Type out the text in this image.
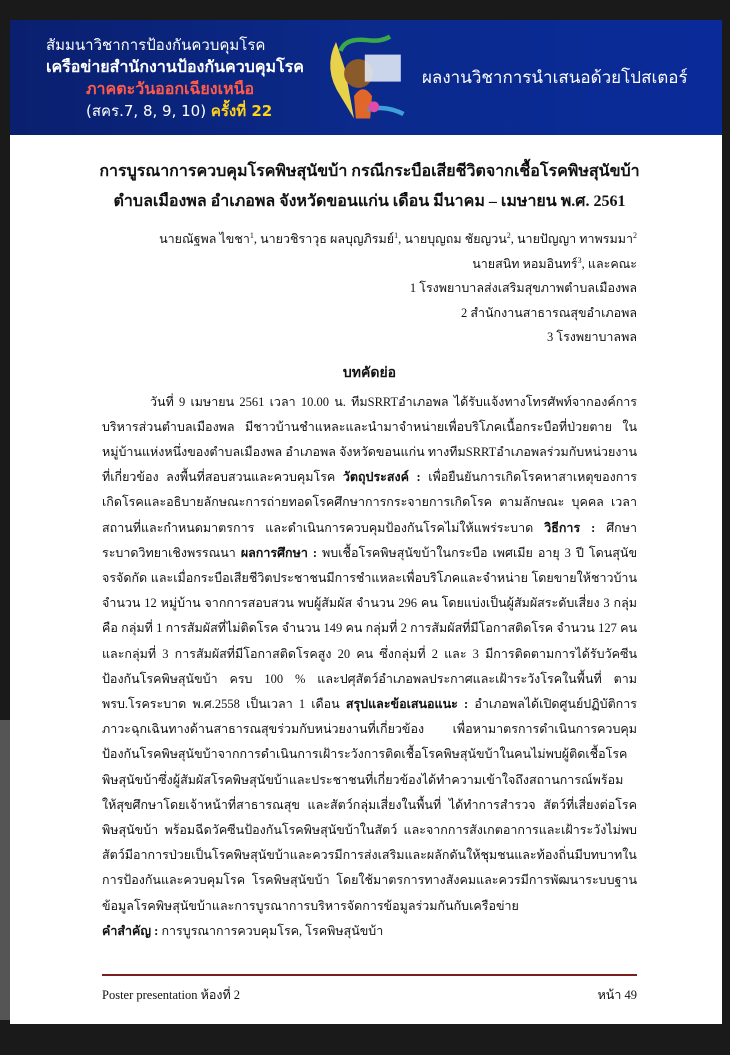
สัมมนาวิชาการป้องกันควบคุมโรค
เครือข่ายสำนักงานป้องกันควบคุมโรค
ภาคตะวันออกเฉียงเหนือ
(สคร.7, 8, 9, 10) ครั้งที่ 22
ผลงานวิชาการนำเสนอด้วยโปสเตอร์
การบูรณาการควบคุมโรคพิษสุนัขบ้า กรณีกระบือเสียชีวิตจากเชื้อโรคพิษสุนัขบ้า
ตำบลเมืองพล อำเภอพล จังหวัดขอนแก่น เดือน มีนาคม – เมษายน พ.ศ. 2561
นายณัฐพล ไขชา$^1$, นายวชิราวุธ ผลบุญภิรมย์$^1$, นายบุญถม ชัยญวน$^2$, นายปัญญา ทาพรมมา$^2$
นายสนิท หอมอินทร์$^3$, และคณะ
1 โรงพยาบาลส่งเสริมสุขภาพตำบลเมืองพล
2 สำนักงานสาธารณสุขอำเภอพล
3 โรงพยาบาลพล
บทคัดย่อ

วันที่ 9 เมษายน 2561 เวลา 10.00 น. ทีมSRRTอำเภอพล ได้รับแจ้งทางโทรศัพท์จากองค์การบริหารส่วนตำบลเมืองพล มีชาวบ้านชำแหละและนำมาจำหน่ายเพื่อบริโภคเนื้อกระบือที่ป่วยตาย ในหมู่บ้านแห่งหนึ่งของตำบลเมืองพล อำเภอพล จังหวัดขอนแก่น ทางทีมSRRTอำเภอพลร่วมกับหน่วยงานที่เกี่ยวข้อง ลงพื้นที่สอบสวนและควบคุมโรค วัตถุประสงค์ : เพื่อยืนยันการเกิดโรคหาสาเหตุของการเกิดโรคและอธิบายลักษณะการถ่ายทอดโรคศึกษาการกระจายการเกิดโรค ตามลักษณะ บุคคล เวลา สถานที่และกำหนดมาตรการ และดำเนินการควบคุมป้องกันโรคไม่ให้แพร่ระบาด วิธีการ : ศึกษาระบาดวิทยาเชิงพรรณนา ผลการศึกษา : พบเชื้อโรคพิษสุนัขบ้าในกระบือ เพศเมีย อายุ 3 ปี โดนสุนัขจรจัดกัด และเมื่อกระบือเสียชีวิตประชาชนมีการชำแหละเพื่อบริโภคและจำหน่าย โดยขายให้ชาวบ้าน จำนวน 12 หมู่บ้าน จากการสอบสวน พบผู้สัมผัส จำนวน 296 คน โดยแบ่งเป็นผู้สัมผัสระดับเสี่ยง 3 กลุ่ม คือ กลุ่มที่ 1 การสัมผัสที่ไม่ติดโรค จำนวน 149 คน กลุ่มที่ 2 การสัมผัสที่มีโอกาสติดโรค จำนวน 127 คน และกลุ่มที่ 3 การสัมผัสที่มีโอกาสติดโรคสูง 20 คน ซึ่งกลุ่มที่ 2 และ 3 มีการติดตามการได้รับวัคซีนป้องกันโรคพิษสุนัขบ้า ครบ 100 % และปศุสัตว์อำเภอพลประกาศและเฝ้าระวังโรคในพื้นที่ ตาม พรบ.โรคระบาด พ.ศ.2558 เป็นเวลา 1 เดือน สรุปและข้อเสนอแนะ : อำเภอพลได้เปิดศูนย์ปฏิบัติการภาวะฉุกเฉินทางด้านสาธารณสุขร่วมกับหน่วยงานที่เกี่ยวข้อง เพื่อหามาตรการดำเนินการควบคุมป้องกันโรคพิษสุนัขบ้าจากการดำเนินการเฝ้าระวังการติดเชื้อโรคพิษสุนัขบ้าในคนไม่พบผู้ติดเชื้อโรคพิษสุนัขบ้าซึ่งผู้สัมผัสโรคพิษสุนัขบ้าและประชาชนที่เกี่ยวข้องได้ทำความเข้าใจถึงสถานการณ์พร้อมให้สุขศึกษาโดยเจ้าหน้าที่สาธารณสุข และสัตว์กลุ่มเสี่ยงในพื้นที่ ได้ทำการสำรวจ สัตว์ที่เสี่ยงต่อโรคพิษสุนัขบ้า พร้อมฉีดวัคซีนป้องกันโรคพิษสุนัขบ้าในสัตว์ และจากการสังเกตอาการและเฝ้าระวังไม่พบสัตว์มีอาการป่วยเป็นโรคพิษสุนัขบ้าและควรมีการส่งเสริมและผลักดันให้ชุมชนและท้องถิ่นมีบทบาทในการป้องกันและควบคุมโรค โรคพิษสุนัขบ้า โดยใช้มาตรการทางสังคมและควรมีการพัฒนาระบบฐานข้อมูลโรคพิษสุนัขบ้าและการบูรณาการบริหารจัดการข้อมูลร่วมกันกับเครือข่าย

คำสำคัญ : การบูรณาการควบคุมโรค, โรคพิษสุนัขบ้า
Poster presentation ห้องที่ 2	หน้า 49
